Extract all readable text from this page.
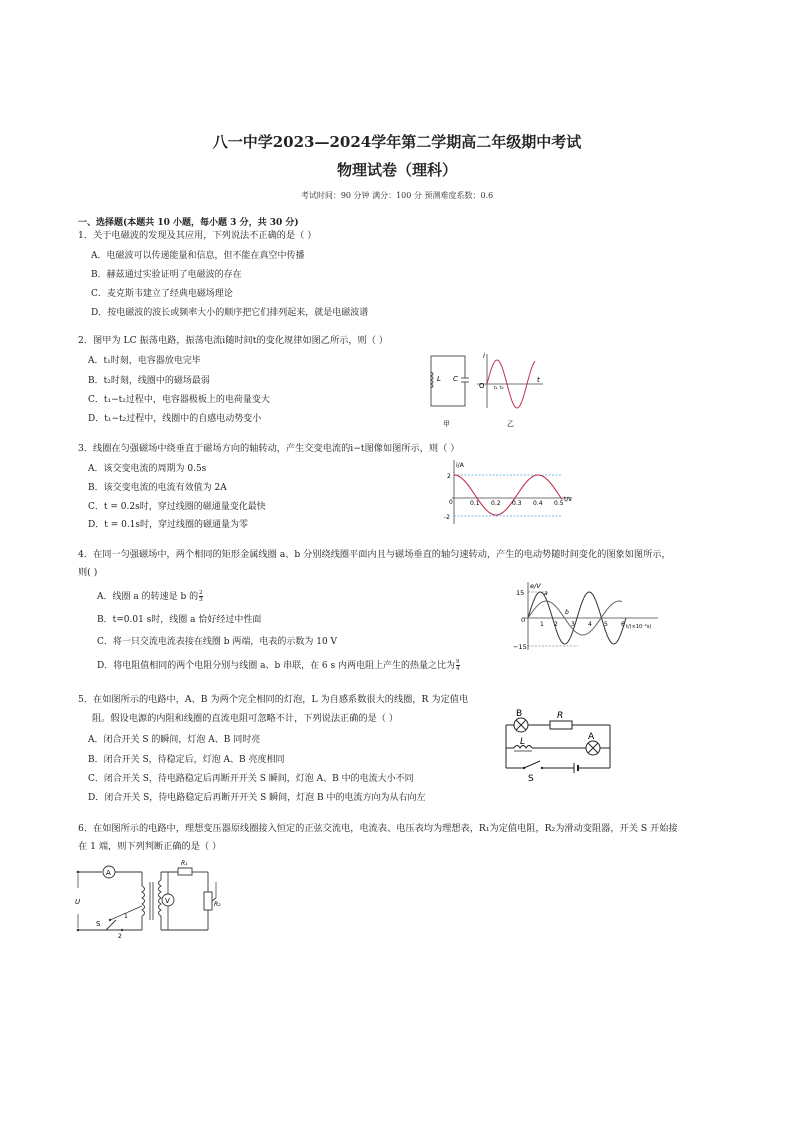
八一中学2023—2024学年第二学期高二年级期中考试
物理试卷（理科）
考试时间：90 分钟 满分：100 分 预测难度系数：0.6
一、选择题(本题共 10 小题，每小题 3 分，共 30 分)
1．关于电磁波的发现及其应用，下列说法不正确的是（ ）
A．电磁波可以传递能量和信息，但不能在真空中传播
B．赫兹通过实验证明了电磁波的存在
C．麦克斯韦建立了经典电磁场理论
D．按电磁波的波长或频率大小的顺序把它们排列起来，就是电磁波谱
2．图甲为 LC 振荡电路，振荡电流i随时间t的变化规律如图乙所示，则（ ）
A．t₁时刻，电容器放电完毕
B．t₂时刻，线圈中的磁场最弱
C．t₁−t₂过程中，电容器极板上的电荷量变大
D．t₁−t₂过程中，线圈中的自感电动势变小
L C
i
O
t
t₁ t₂
甲	乙
3．线圈在匀强磁场中绕垂直于磁场方向的轴转动，产生交变电流的i−t图像如图所示，则（ ）
A．该交变电流的周期为 0.5s
B．该交变电流的电流有效值为 2A
C．t = 0.2s时，穿过线圈的磁通量变化最快
D．t = 0.1s时，穿过线圈的磁通量为零
i/A
t/s
2
-2
0	0.1 0.2 0.3 0.4 0.5
4．在同一匀强磁场中，两个相同的矩形金属线圈 a、b 分别绕线圈平面内且与磁场垂直的轴匀速转动，产生的电动势随时间变化的图象如图所示，
则( )
A．线圈 a 的转速是 b 的 $\frac{2}{3}$
B．t=0.01 s时，线圈 a 恰好经过中性面
C．将一只交流电流表接在线圈 b 两端，电表的示数为 10 V
D．将电阻值相同的两个电阻分别与线圈 a、b 串联，在 6 s 内两电阻上产生的热量之比为 $\frac{9}{4}$
e/V
15
−15
0
a
b
1 2 3 4 5 6 t/(×10⁻²s)
5．在如图所示的电路中，A、B 为两个完全相同的灯泡，L 为自感系数很大的线圈，R 为定值电
阻。假设电源的内阻和线圈的直流电阻可忽略不计，下列说法正确的是（ ）
A．闭合开关 S 的瞬间，灯泡 A、B 同时亮
B．闭合开关 S，待稳定后，灯泡 A、B 亮度相同
C．闭合开关 S，待电路稳定后再断开开关 S 瞬间，灯泡 A、B 中的电流大小不同
D．闭合开关 S，待电路稳定后再断开开关 S 瞬间，灯泡 B 中的电流方向为从右向左
B	R
L	A
S
6．在如图所示的电路中，理想变压器原线圈接入恒定的正弦交流电，电流表、电压表均为理想表，R₁为定值电阻，R₂为滑动变阻器，开关 S 开始接
在 1 端，则下列判断正确的是（ ）
A
U	V
R₁
R₂
S
1
2
